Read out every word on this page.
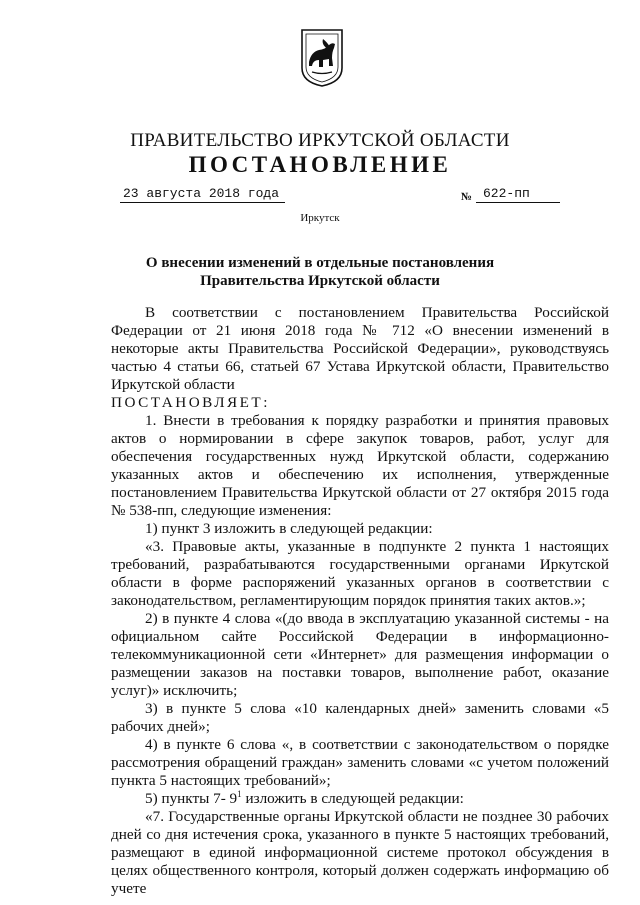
ПРАВИТЕЛЬСТВО ИРКУТСКОЙ ОБЛАСТИ
ПОСТАНОВЛЕНИЕ
23 августа 2018 года	№ 622-пп
Иркутск
О внесении изменений в отдельные постановления Правительства Иркутской области

В соответствии с постановлением Правительства Российской Федерации от 21 июня 2018 года № 712 «О внесении изменений в некоторые акты Правительства Российской Федерации», руководствуясь частью 4 статьи 66, статьей 67 Устава Иркутской области, Правительство Иркутской области

ПОСТАНОВЛЯЕТ:

1. Внести в требования к порядку разработки и принятия правовых актов о нормировании в сфере закупок товаров, работ, услуг для обеспечения государственных нужд Иркутской области, содержанию указанных актов и обеспечению их исполнения, утвержденные постановлением Правительства Иркутской области от 27 октября 2015 года № 538-пп, следующие изменения:

1) пункт 3 изложить в следующей редакции:

«3. Правовые акты, указанные в подпункте 2 пункта 1 настоящих требований, разрабатываются государственными органами Иркутской области в форме распоряжений указанных органов в соответствии с законодательством, регламентирующим порядок принятия таких актов.»;

2) в пункте 4 слова «(до ввода в эксплуатацию указанной системы - на официальном сайте Российской Федерации в информационно-телекоммуникационной сети «Интернет» для размещения информации о размещении заказов на поставки товаров, выполнение работ, оказание услуг)» исключить;

3) в пункте 5 слова «10 календарных дней» заменить словами «5 рабочих дней»;

4) в пункте 6 слова «, в соответствии с законодательством о порядке рассмотрения обращений граждан» заменить словами «с учетом положений пункта 5 настоящих требований»;

5) пункты 7- $9^1$ изложить в следующей редакции:

«7. Государственные органы Иркутской области не позднее 30 рабочих дней со дня истечения срока, указанного в пункте 5 настоящих требований, размещают в единой информационной системе протокол обсуждения в целях общественного контроля, который должен содержать информацию об учете
